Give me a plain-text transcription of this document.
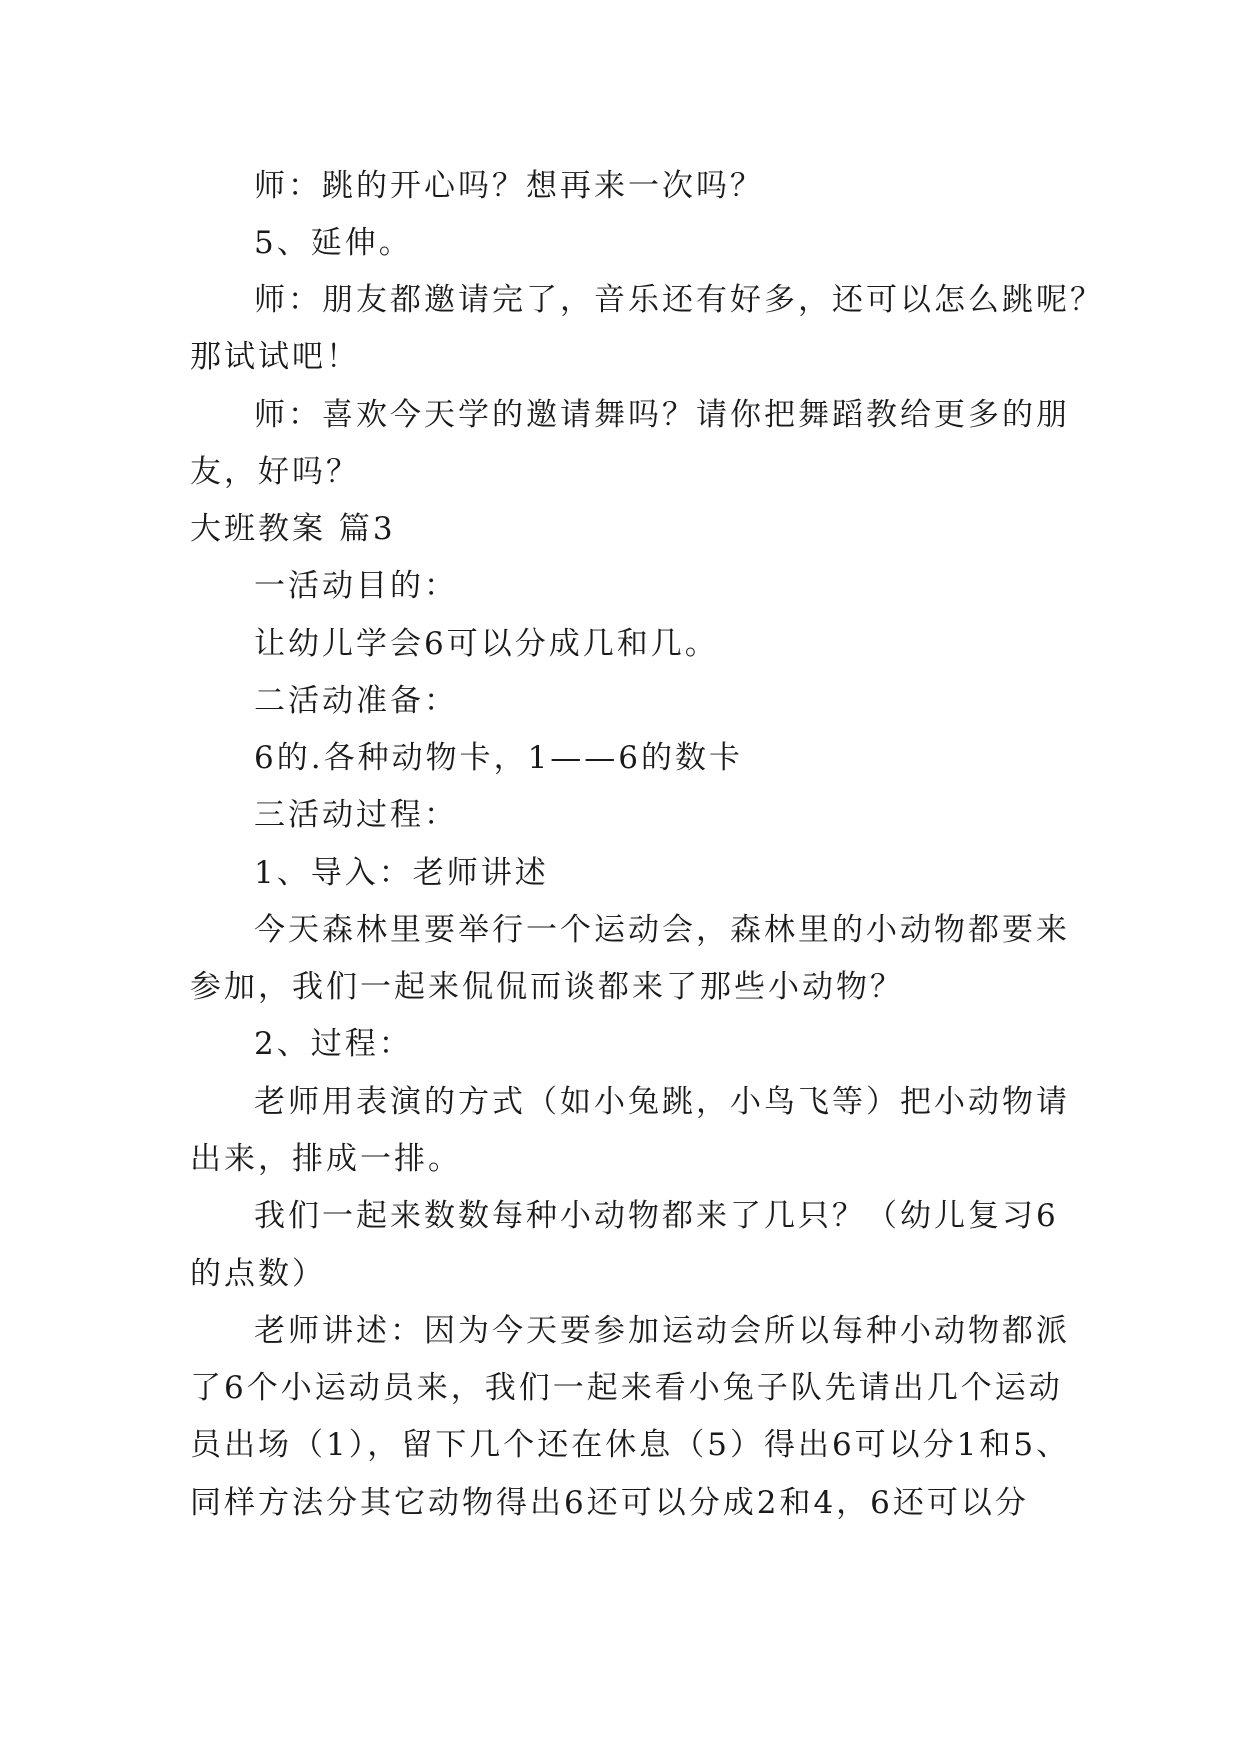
师：跳的开心吗？想再来一次吗？
5、延伸。
师：朋友都邀请完了，音乐还有好多，还可以怎么跳呢？
那试试吧！
师：喜欢今天学的邀请舞吗？请你把舞蹈教给更多的朋
友，好吗？
大班教案 篇3
一活动目的：
让幼儿学会6可以分成几和几。
二活动准备：
6的.各种动物卡，1——6的数卡
三活动过程：
1、导入：老师讲述
今天森林里要举行一个运动会，森林里的小动物都要来
参加，我们一起来侃侃而谈都来了那些小动物？
2、过程：
老师用表演的方式（如小兔跳，小鸟飞等）把小动物请
出来，排成一排。
我们一起来数数每种小动物都来了几只？（幼儿复习6
的点数）
老师讲述：因为今天要参加运动会所以每种小动物都派
了6个小运动员来，我们一起来看小兔子队先请出几个运动
员出场（1），留下几个还在休息（5）得出6可以分1和5、
同样方法分其它动物得出6还可以分成2和4，6还可以分
